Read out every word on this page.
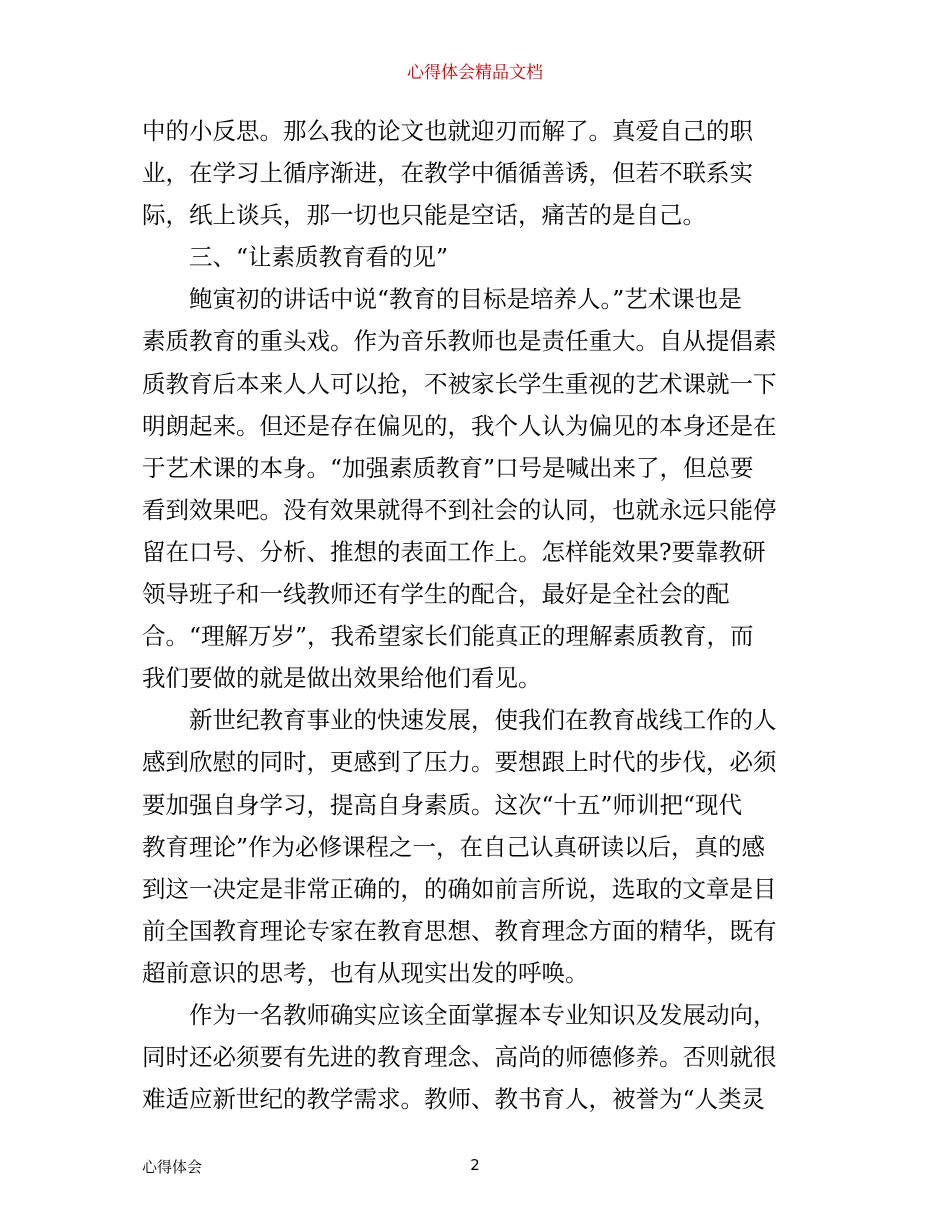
心得体会精品文档
中的小反思。那么我的论文也就迎刃而解了。真爱自己的职
业，在学习上循序渐进，在教学中循循善诱，但若不联系实
际，纸上谈兵，那一切也只能是空话，痛苦的是自己。
　　三、“让素质教育看的见”
　　鲍寅初的讲话中说“教育的目标是培养人。”艺术课也是
素质教育的重头戏。作为音乐教师也是责任重大。自从提倡素
质教育后本来人人可以抢，不被家长学生重视的艺术课就一下
明朗起来。但还是存在偏见的，我个人认为偏见的本身还是在
于艺术课的本身。“加强素质教育”口号是喊出来了，但总要
看到效果吧。没有效果就得不到社会的认同，也就永远只能停
留在口号、分析、推想的表面工作上。怎样能效果?要靠教研
领导班子和一线教师还有学生的配合，最好是全社会的配
合。“理解万岁”，我希望家长们能真正的理解素质教育，而
我们要做的就是做出效果给他们看见。
　　新世纪教育事业的快速发展，使我们在教育战线工作的人
感到欣慰的同时，更感到了压力。要想跟上时代的步伐，必须
要加强自身学习，提高自身素质。这次“十五”师训把“现代
教育理论”作为必修课程之一，在自己认真研读以后，真的感
到这一决定是非常正确的，的确如前言所说，选取的文章是目
前全国教育理论专家在教育思想、教育理念方面的精华，既有
超前意识的思考，也有从现实出发的呼唤。
　　作为一名教师确实应该全面掌握本专业知识及发展动向，
同时还必须要有先进的教育理念、高尚的师德修养。否则就很
难适应新世纪的教学需求。教师、教书育人，被誉为“人类灵
心得体会	2
